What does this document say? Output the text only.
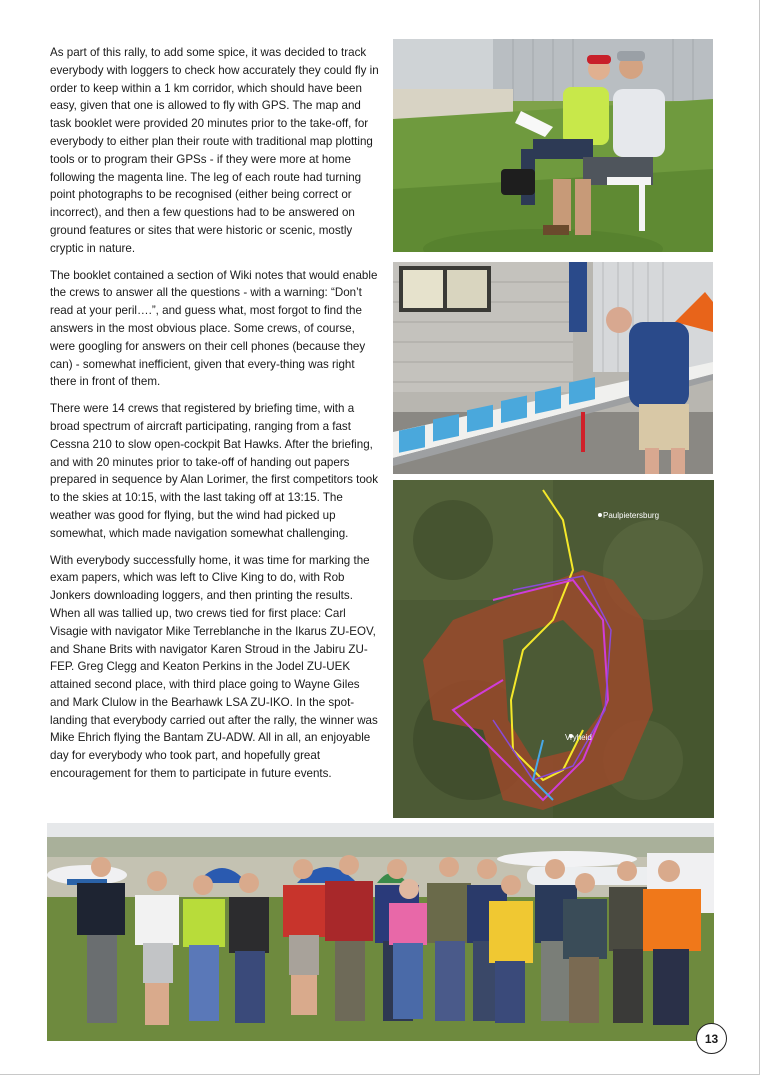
As part of this rally, to add some spice, it was decided to track everybody with loggers to check how accurately they could fly in order to keep within a 1 km corridor, which should have been easy, given that one is allowed to fly with GPS. The map and task booklet were provided 20 minutes prior to the take-off, for everybody to either plan their route with traditional map plotting tools or to program their GPSs - if they were more at home following the magenta line. The leg of each route had turning point photographs to be recognised (either being correct or incorrect), and then a few questions had to be answered on ground features or sites that were historic or scenic, mostly cryptic in nature.

The booklet contained a section of Wiki notes that would enable the crews to answer all the questions - with a warning: “Don’t read at your peril….”, and guess what, most forgot to find the answers in the most obvious place. Some crews, of course, were googling for answers on their cell phones (because they can) - somewhat inefficient, given that every-thing was right there in front of them.

There were 14 crews that registered by briefing time, with a broad spectrum of aircraft participating, ranging from a fast Cessna 210 to slow open-cockpit Bat Hawks. After the briefing, and with 20 minutes prior to take-off of handing out papers prepared in sequence by Alan Lorimer, the first competitors took to the skies at 10:15, with the last taking off at 13:15. The weather was good for flying, but the wind had picked up somewhat, which made navigation somewhat challenging.

With everybody successfully home, it was time for marking the exam papers, which was left to Clive King to do, with Rob Jonkers downloading loggers, and then printing the results. When all was tallied up, two crews tied for first place: Carl Visagie with navigator Mike Terreblanche in the Ikarus ZU-EOV, and Shane Brits with navigator Karen Stroud in the Jabiru ZU-FEP. Greg Clegg and Keaton Perkins in the Jodel ZU-UEK attained second place, with third place going to Wayne Giles and Mark Clulow in the Bearhawk LSA ZU-IKO. In the spot-landing that everybody carried out after the rally, the winner was Mike Ehrich flying the Bantam ZU-ADW. All in all, an enjoyable day for everybody who took part, and hopefully great encouragement for them to participate in future events.

Paulpietersburg
Vryheid
13
